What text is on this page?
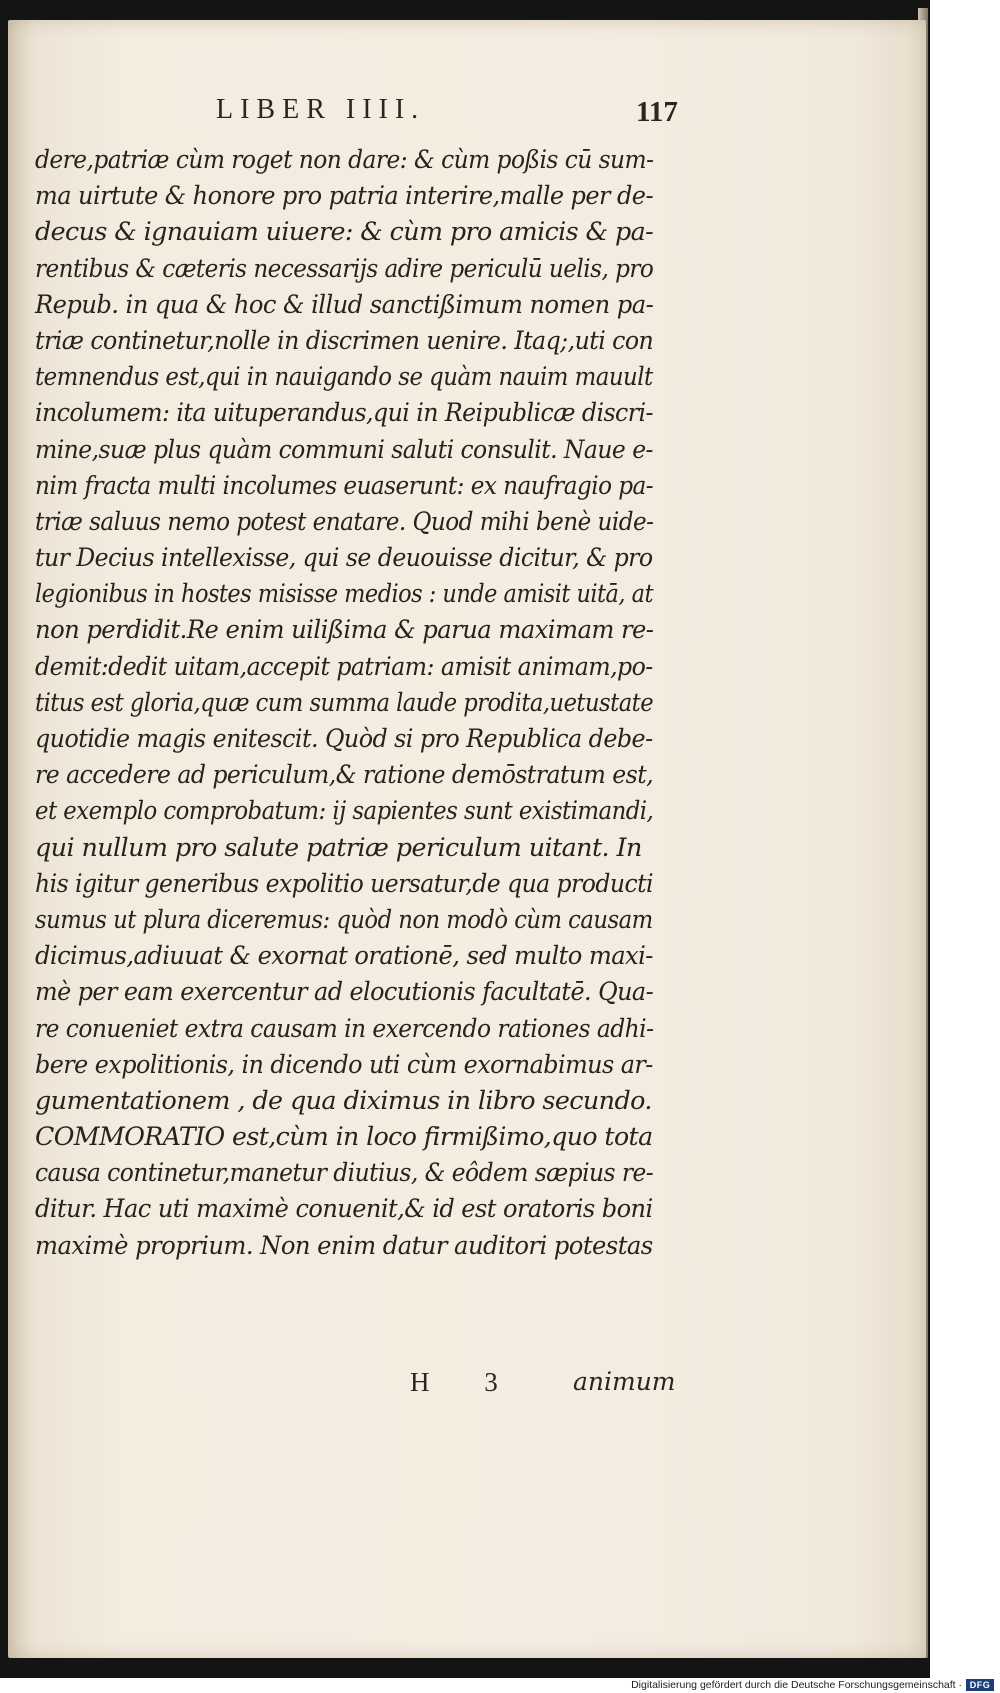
LIBER IIII.	117
dere,patriæ cùm roget non dare: & cùm poßis cū sum-
ma uirtute & honore pro patria interire,malle per de-
decus & ignauiam uiuere: & cùm pro amicis & pa-
rentibus & cæteris necessarijs adire periculū uelis, pro
Repub. in qua & hoc & illud sanctißimum nomen pa-
triæ continetur,nolle in discrimen uenire. Itaq;,uti con
temnendus est,qui in nauigando se quàm nauim mauult
incolumem: ita uituperandus,qui in Reipublicæ discri-
mine,suæ plus quàm communi saluti consulit. Naue e-
nim fracta multi incolumes euaserunt: ex naufragio pa-
triæ saluus nemo potest enatare. Quod mihi benè uide-
tur Decius intellexisse, qui se deuouisse dicitur, & pro
legionibus in hostes misisse medios : unde amisit uitā, at
non perdidit.Re enim uilißima & parua maximam re-
demit:dedit uitam,accepit patriam: amisit animam,po-
titus est gloria,quæ cum summa laude prodita,uetustate
quotidie magis enitescit. Quòd si pro Republica debe-
re accedere ad periculum,& ratione demōstratum est,
et exemplo comprobatum: ij sapientes sunt existimandi,
qui nullum pro salute patriæ periculum uitant. In
his igitur generibus expolitio uersatur,de qua producti
sumus ut plura diceremus: quòd non modò cùm causam
dicimus,adiuuat & exornat orationē, sed multo maxi-
mè per eam exercentur ad elocutionis facultatē. Qua-
re conueniet extra causam in exercendo rationes adhi-
bere expolitionis, in dicendo uti cùm exornabimus ar-
gumentationem , de qua diximus in libro secundo.
COMMORATIO est,cùm in loco firmißimo,quo tota
causa continetur,manetur diutius, & eôdem sæpius re-
ditur. Hac uti maximè conuenit,& id est oratoris boni
maximè proprium. Non enim datur auditori potestas
H 3 animum
Digitalisierung gefördert durch die Deutsche Forschungsgemeinschaft · DFG
